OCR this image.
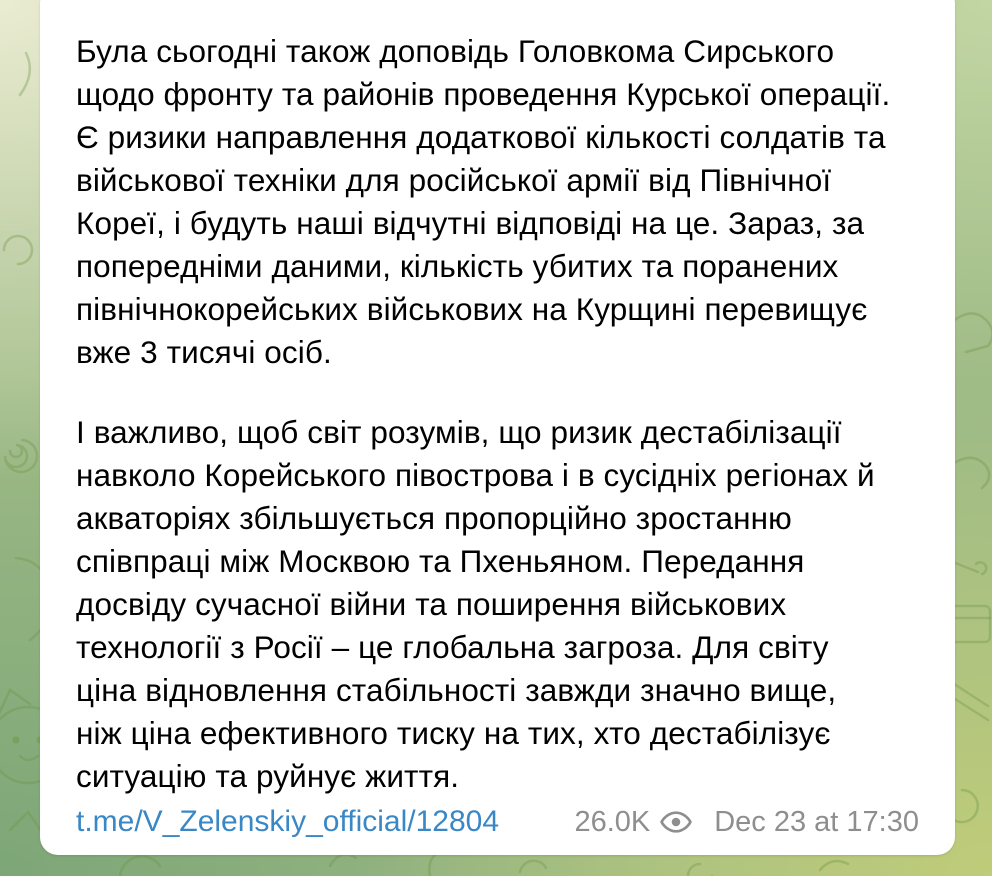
Була сьогодні також доповідь Головкома Сирського
щодо фронту та районів проведення Курської операції.
Є ризики направлення додаткової кількості солдатів та
військової техніки для російської армії від Північної
Кореї, і будуть наші відчутні відповіді на це. Зараз, за
попередніми даними, кількість убитих та поранених
північнокорейських військових на Курщині перевищує
вже 3 тисячі осіб.
І важливо, щоб світ розумів, що ризик дестабілізації
навколо Корейського півострова і в сусідніх регіонах й
акваторіях збільшується пропорційно зростанню
співпраці між Москвою та Пхеньяном. Передання
досвіду сучасної війни та поширення військових
технології з Росії – це глобальна загроза. Для світу
ціна відновлення стабільності завжди значно вище,
ніж ціна ефективного тиску на тих, хто дестабілізує
ситуацію та руйнує життя.
t.me/V_Zelenskiy_official/12804	26.0K Dec 23 at 17:30
